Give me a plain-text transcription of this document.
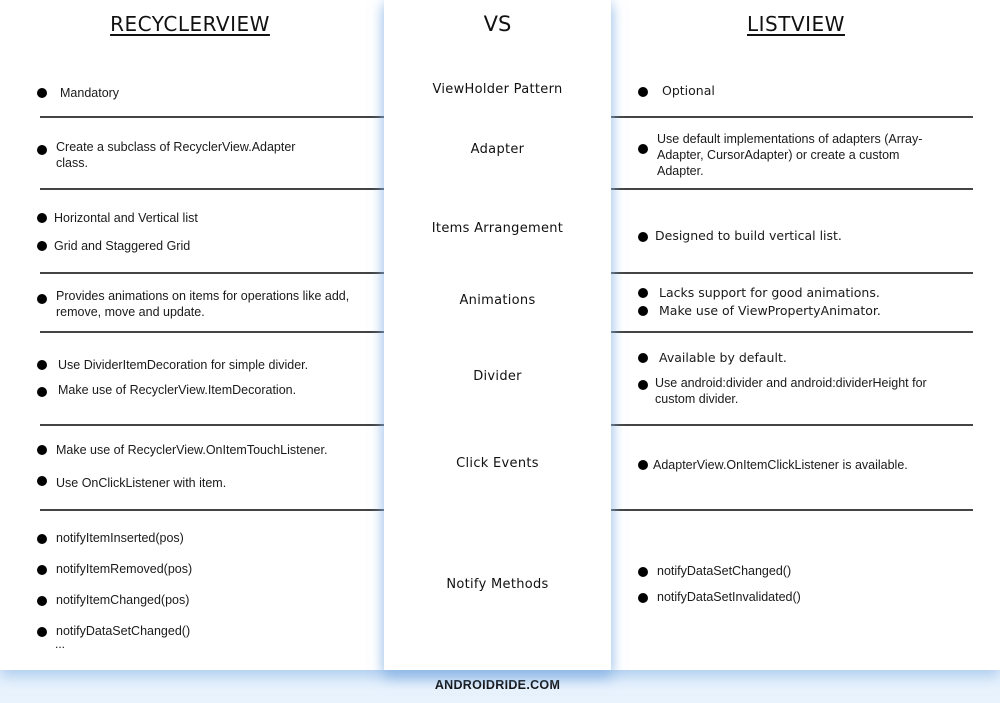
RECYCLERVIEW	LISTVIEW
Mandatory
Create a subclass of RecyclerView.Adapter class.
Horizontal and Vertical list
Grid and Staggered Grid
Provides animations on items for operations like add, remove, move and update.
Use DividerItemDecoration for simple divider.
Make use of RecyclerView.ItemDecoration.
Make use of RecyclerView.OnItemTouchListener.
Use OnClickListener with item.
notifyItemInserted(pos)
notifyItemRemoved(pos)
notifyItemChanged(pos)
notifyDataSetChanged()
...
Optional
Use default implementations of adapters (Array-Adapter, CursorAdapter) or create a custom Adapter.
Designed to build vertical list.
Lacks support for good animations.
Make use of ViewPropertyAnimator.
Available by default.
Use android:divider and android:dividerHeight for custom divider.
AdapterView.OnItemClickListener is available.
notifyDataSetChanged()
notifyDataSetInvalidated()
VS
ViewHolder Pattern
Adapter
Items Arrangement
Animations
Divider
Click Events
Notify Methods
ANDROIDRIDE.COM
